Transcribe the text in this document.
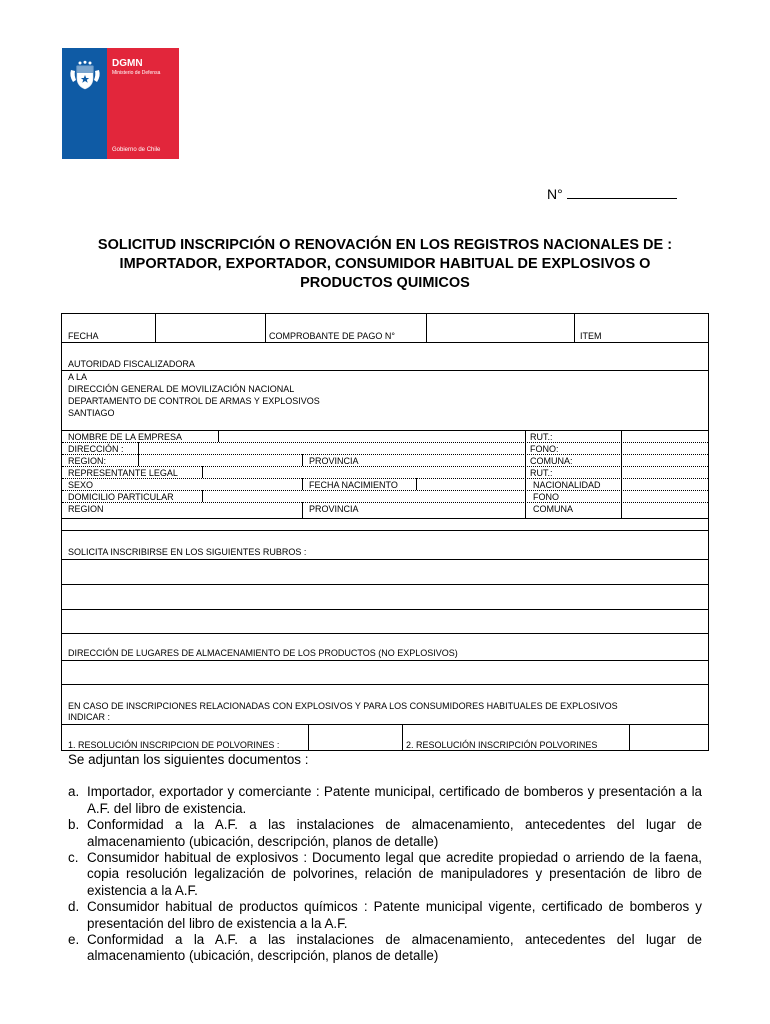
DGMN
Ministerio de Defensa
Gobierno de Chile
N°
SOLICITUD INSCRIPCIÓN O RENOVACIÓN EN LOS REGISTROS NACIONALES DE :
IMPORTADOR, EXPORTADOR, CONSUMIDOR HABITUAL DE EXPLOSIVOS O
PRODUCTOS QUIMICOS
FECHA	COMPROBANTE DE PAGO N°	ITEM
AUTORIDAD FISCALIZADORA
A LA
DIRECCIÓN GENERAL DE MOVILIZACIÓN NACIONAL
DEPARTAMENTO DE CONTROL DE ARMAS Y EXPLOSIVOS
SANTIAGO
NOMBRE DE LA EMPRESA	RUT.:
DIRECCIÓN :	FONO:
REGION:	PROVINCIA	COMUNA:
REPRESENTANTE LEGAL	RUT.:
SEXO	FECHA NACIMIENTO	NACIONALIDAD
DOMICILIO PARTICULAR	FONO
REGION	PROVINCIA	COMUNA
SOLICITA INSCRIBIRSE EN LOS SIGUIENTES RUBROS :
DIRECCIÓN DE LUGARES DE ALMACENAMIENTO DE LOS PRODUCTOS (NO EXPLOSIVOS)
EN CASO DE INSCRIPCIONES RELACIONADAS CON EXPLOSIVOS Y PARA LOS CONSUMIDORES HABITUALES DE EXPLOSIVOS
INDICAR :
1. RESOLUCIÓN INSCRIPCION DE POLVORINES :	2. RESOLUCIÓN INSCRIPCIÓN POLVORINES
Se adjuntan los siguientes documentos :
a. Importador, exportador y comerciante : Patente municipal, certificado de bomberos y presentación a la A.F. del libro de existencia.
b. Conformidad a la A.F. a las instalaciones de almacenamiento, antecedentes del lugar de almacenamiento (ubicación, descripción, planos de detalle)
c. Consumidor habitual de explosivos : Documento legal que acredite propiedad o arriendo de la faena, copia resolución legalización de polvorines, relación de manipuladores y presentación de libro de existencia a la A.F.
d. Consumidor habitual de productos químicos : Patente municipal vigente, certificado de bomberos y presentación del libro de existencia a la A.F.
e. Conformidad a la A.F. a las instalaciones de almacenamiento, antecedentes del lugar de almacenamiento (ubicación, descripción, planos de detalle)
